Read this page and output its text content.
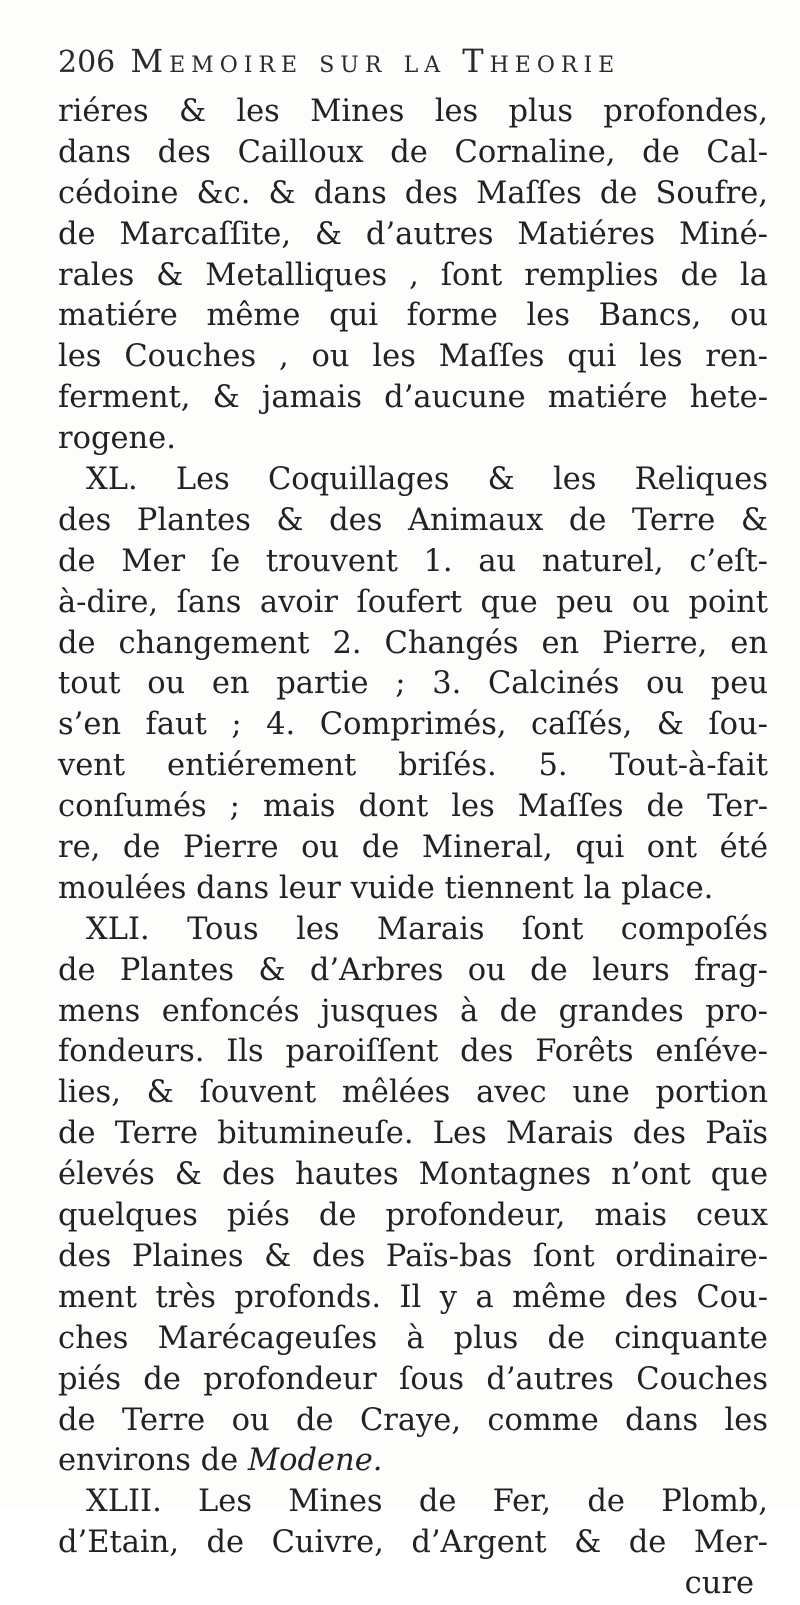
206 Memoire sur la Theorie
riéres & les Mines les plus profondes,
dans des Cailloux de Cornaline, de Cal-
cédoine &c. & dans des Maſſes de Soufre,
de Marcaſſite, & d’autres Matiéres Miné-
rales & Metalliques , ſont remplies de la
matiére même qui forme les Bancs, ou
les Couches , ou les Maſſes qui les ren-
ferment, & jamais d’aucune matiére hete-
rogene.
XL. Les Coquillages & les Reliques
des Plantes & des Animaux de Terre &
de Mer ſe trouvent 1. au naturel, c’eſt-
à-dire, ſans avoir ſoufert que peu ou point
de changement 2. Changés en Pierre, en
tout ou en partie ; 3. Calcinés ou peu
s’en faut ; 4. Comprimés, caſſés, & ſou-
vent entiérement briſés. 5. Tout-à-fait
conſumés ; mais dont les Maſſes de Ter-
re, de Pierre ou de Mineral, qui ont été
moulées dans leur vuide tiennent la place.
XLI. Tous les Marais ſont compoſés
de Plantes & d’Arbres ou de leurs frag-
mens enfoncés jusques à de grandes pro-
fondeurs. Ils paroiſſent des Forêts enſéve-
lies, & ſouvent mêlées avec une portion
de Terre bitumineuſe. Les Marais des Païs
élevés & des hautes Montagnes n’ont que
quelques piés de profondeur, mais ceux
des Plaines & des Païs-bas ſont ordinaire-
ment très profonds. Il y a même des Cou-
ches Marécageuſes à plus de cinquante
piés de profondeur ſous d’autres Couches
de Terre ou de Craye, comme dans les
environs de Modene.
XLII. Les Mines de Fer, de Plomb,
d’Etain, de Cuivre, d’Argent & de Mer-
cure
